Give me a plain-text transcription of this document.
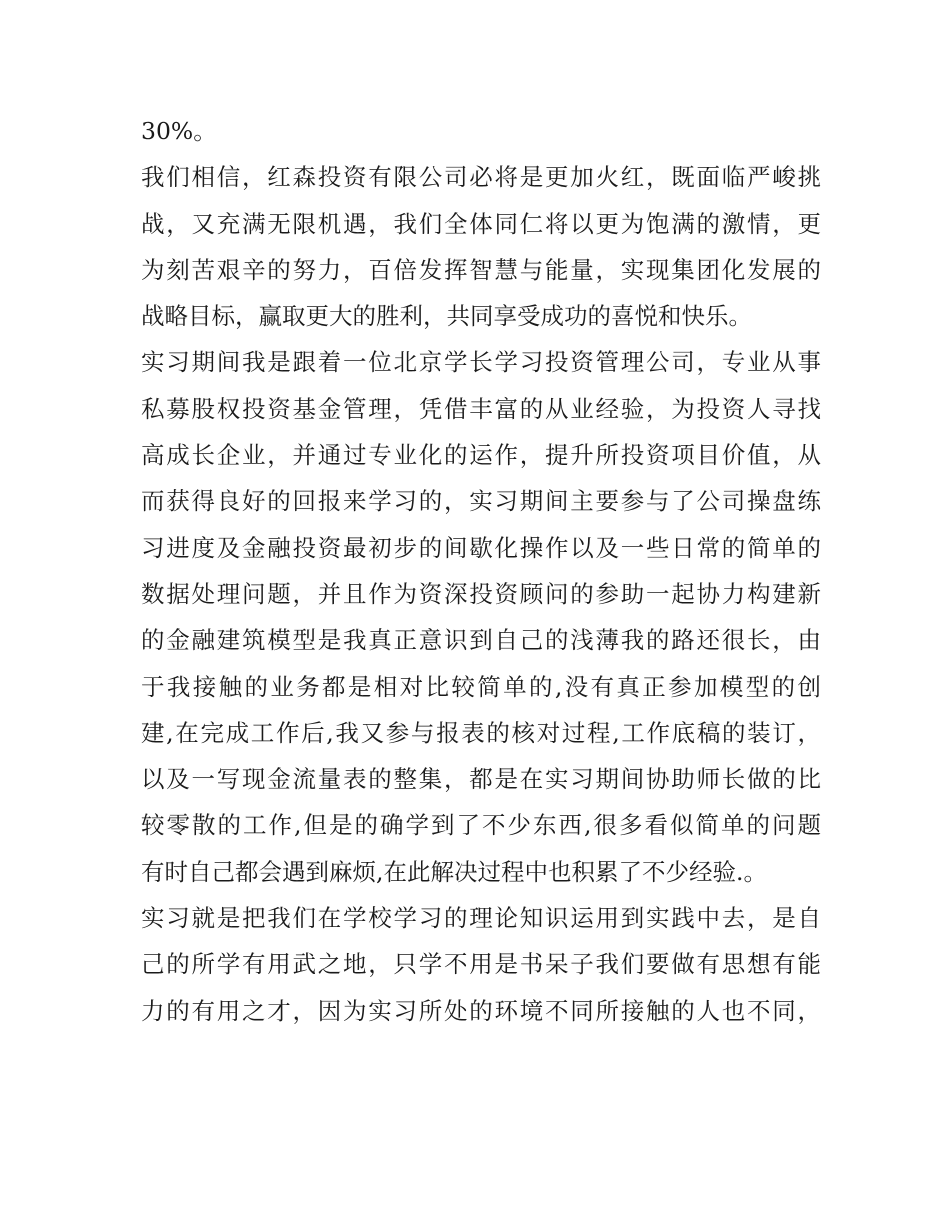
30%。
我们相信，红森投资有限公司必将是更加火红，既面临严峻挑
战，又充满无限机遇，我们全体同仁将以更为饱满的激情，更
为刻苦艰辛的努力，百倍发挥智慧与能量，实现集团化发展的
战略目标，赢取更大的胜利，共同享受成功的喜悦和快乐。
实习期间我是跟着一位北京学长学习投资管理公司，专业从事
私募股权投资基金管理，凭借丰富的从业经验，为投资人寻找
高成长企业，并通过专业化的运作，提升所投资项目价值，从
而获得良好的回报来学习的，实习期间主要参与了公司操盘练
习进度及金融投资最初步的间歇化操作以及一些日常的简单的
数据处理问题，并且作为资深投资顾问的参助一起协力构建新
的金融建筑模型是我真正意识到自己的浅薄我的路还很长，由
于我接触的业务都是相对比较简单的,没有真正参加模型的创
建,在完成工作后,我又参与报表的核对过程,工作底稿的装订，
以及一写现金流量表的整集，都是在实习期间协助师长做的比
较零散的工作,但是的确学到了不少东西,很多看似简单的问题
有时自己都会遇到麻烦,在此解决过程中也积累了不少经验.。
实习就是把我们在学校学习的理论知识运用到实践中去，是自
己的所学有用武之地，只学不用是书呆子我们要做有思想有能
力的有用之才，因为实习所处的环境不同所接触的人也不同，
